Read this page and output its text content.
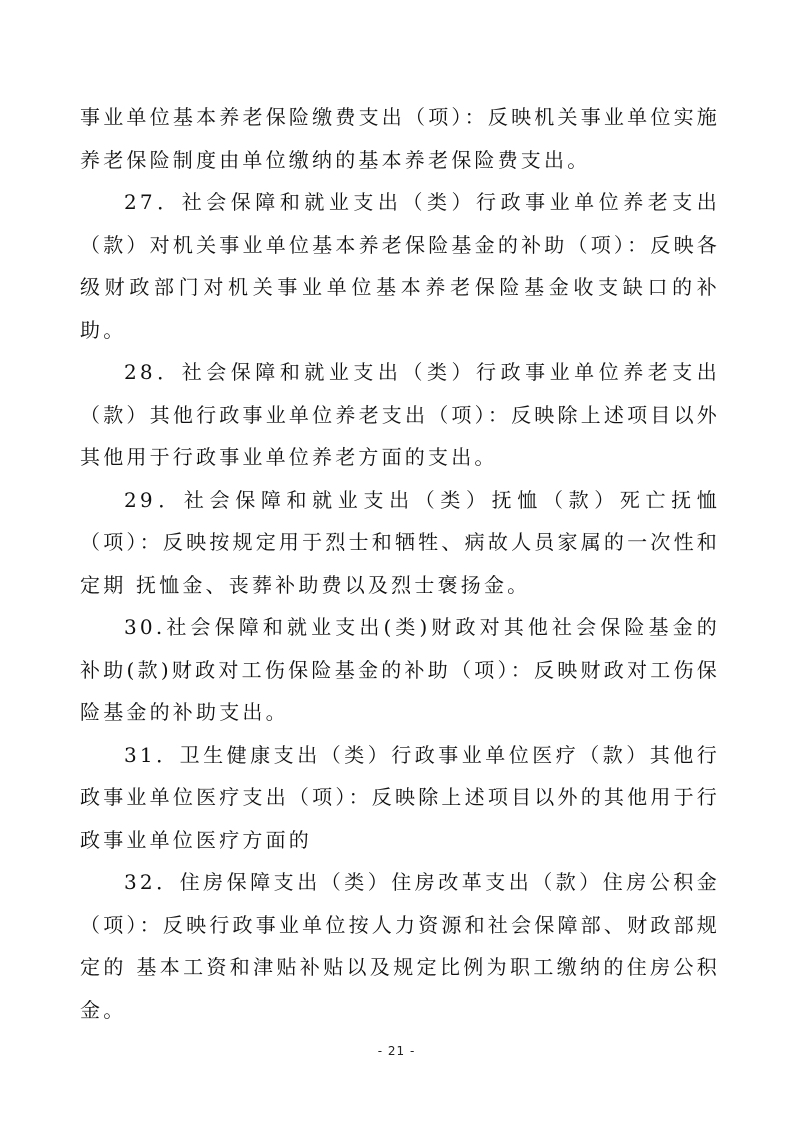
事业单位基本养老保险缴费支出（项）：反映机关事业单位实施养老保险制度由单位缴纳的基本养老保险费支出。

27．社会保障和就业支出（类）行政事业单位养老支出（款）对机关事业单位基本养老保险基金的补助（项）：反映各级财政部门对机关事业单位基本养老保险基金收支缺口的补助。

28．社会保障和就业支出（类）行政事业单位养老支出（款）其他行政事业单位养老支出（项）：反映除上述项目以外其他用于行政事业单位养老方面的支出。

29．社会保障和就业支出（类）抚恤（款）死亡抚恤（项）：反映按规定用于烈士和牺牲、病故人员家属的一次性和定期 抚恤金、丧葬补助费以及烈士褒扬金。

30.社会保障和就业支出(类)财政对其他社会保险基金的补助(款)财政对工伤保险基金的补助（项）：反映财政对工伤保险基金的补助支出。

31．卫生健康支出（类）行政事业单位医疗（款）其他行政事业单位医疗支出（项）：反映除上述项目以外的其他用于行政事业单位医疗方面的

32．住房保障支出（类）住房改革支出（款）住房公积金（项）：反映行政事业单位按人力资源和社会保障部、财政部规定的 基本工资和津贴补贴以及规定比例为职工缴纳的住房公积金。

- 21 -
